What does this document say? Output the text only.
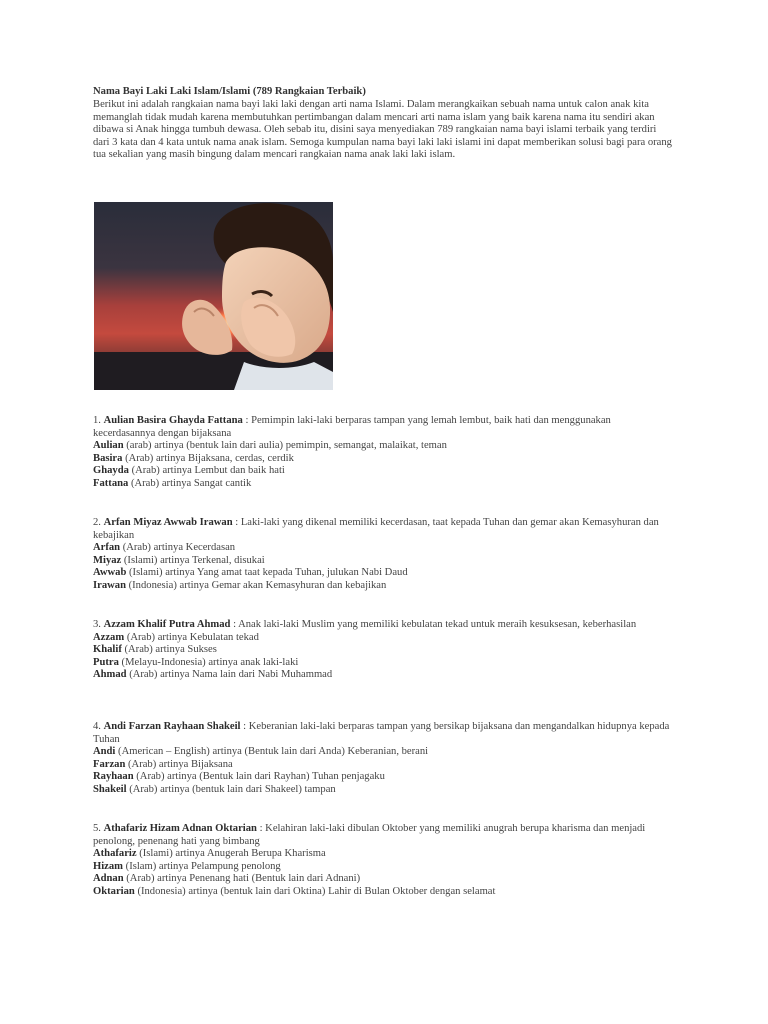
Nama Bayi Laki Laki Islam/Islami (789 Rangkaian Terbaik)
Berikut ini adalah rangkaian nama bayi laki laki dengan arti nama Islami. Dalam merangkaikan sebuah nama untuk calon anak kita memanglah tidak mudah karena membutuhkan pertimbangan dalam mencari arti nama islam yang baik karena nama itu sendiri akan dibawa si Anak hingga tumbuh dewasa. Oleh sebab itu, disini saya menyediakan 789 rangkaian nama bayi islami terbaik yang terdiri dari 3 kata dan 4 kata untuk nama anak islam. Semoga kumpulan nama bayi laki laki islami ini dapat memberikan solusi bagi para orang tua sekalian yang masih bingung dalam mencari rangkaian nama anak laki laki islam.
1. Aulian Basira Ghayda Fattana : Pemimpin laki-laki berparas tampan yang lemah lembut, baik hati dan menggunakan kecerdasannya dengan bijaksana
Aulian (arab) artinya (bentuk lain dari aulia) pemimpin, semangat, malaikat, teman
Basira (Arab) artinya Bijaksana, cerdas, cerdik
Ghayda (Arab) artinya Lembut dan baik hati
Fattana (Arab) artinya Sangat cantik
2. Arfan Miyaz Awwab Irawan : Laki-laki yang dikenal memiliki kecerdasan, taat kepada Tuhan dan gemar akan Kemasyhuran dan kebajikan
Arfan (Arab) artinya Kecerdasan
Miyaz (Islami) artinya Terkenal, disukai
Awwab (Islami) artinya Yang amat taat kepada Tuhan, julukan Nabi Daud
Irawan (Indonesia) artinya Gemar akan Kemasyhuran dan kebajikan
3. Azzam Khalif Putra Ahmad : Anak laki-laki Muslim yang memiliki kebulatan tekad untuk meraih kesuksesan, keberhasilan
Azzam (Arab) artinya Kebulatan tekad
Khalif (Arab) artinya Sukses
Putra (Melayu-Indonesia) artinya anak laki-laki
Ahmad (Arab) artinya Nama lain dari Nabi Muhammad
4. Andi Farzan Rayhaan Shakeil : Keberanian laki-laki berparas tampan yang bersikap bijaksana dan mengandalkan hidupnya kepada Tuhan
Andi (American – English) artinya (Bentuk lain dari Anda) Keberanian, berani
Farzan (Arab) artinya Bijaksana
Rayhaan (Arab) artinya (Bentuk lain dari Rayhan) Tuhan penjagaku
Shakeil (Arab) artinya (bentuk lain dari Shakeel) tampan
5. Athafariz Hizam Adnan Oktarian : Kelahiran laki-laki dibulan Oktober yang memiliki anugrah berupa kharisma dan menjadi penolong, penenang hati yang bimbang
Athafariz (Islami) artinya Anugerah Berupa Kharisma
Hizam (Islam) artinya Pelampung penolong
Adnan (Arab) artinya Penenang hati (Bentuk lain dari Adnani)
Oktarian (Indonesia) artinya (bentuk lain dari Oktina) Lahir di Bulan Oktober dengan selamat
